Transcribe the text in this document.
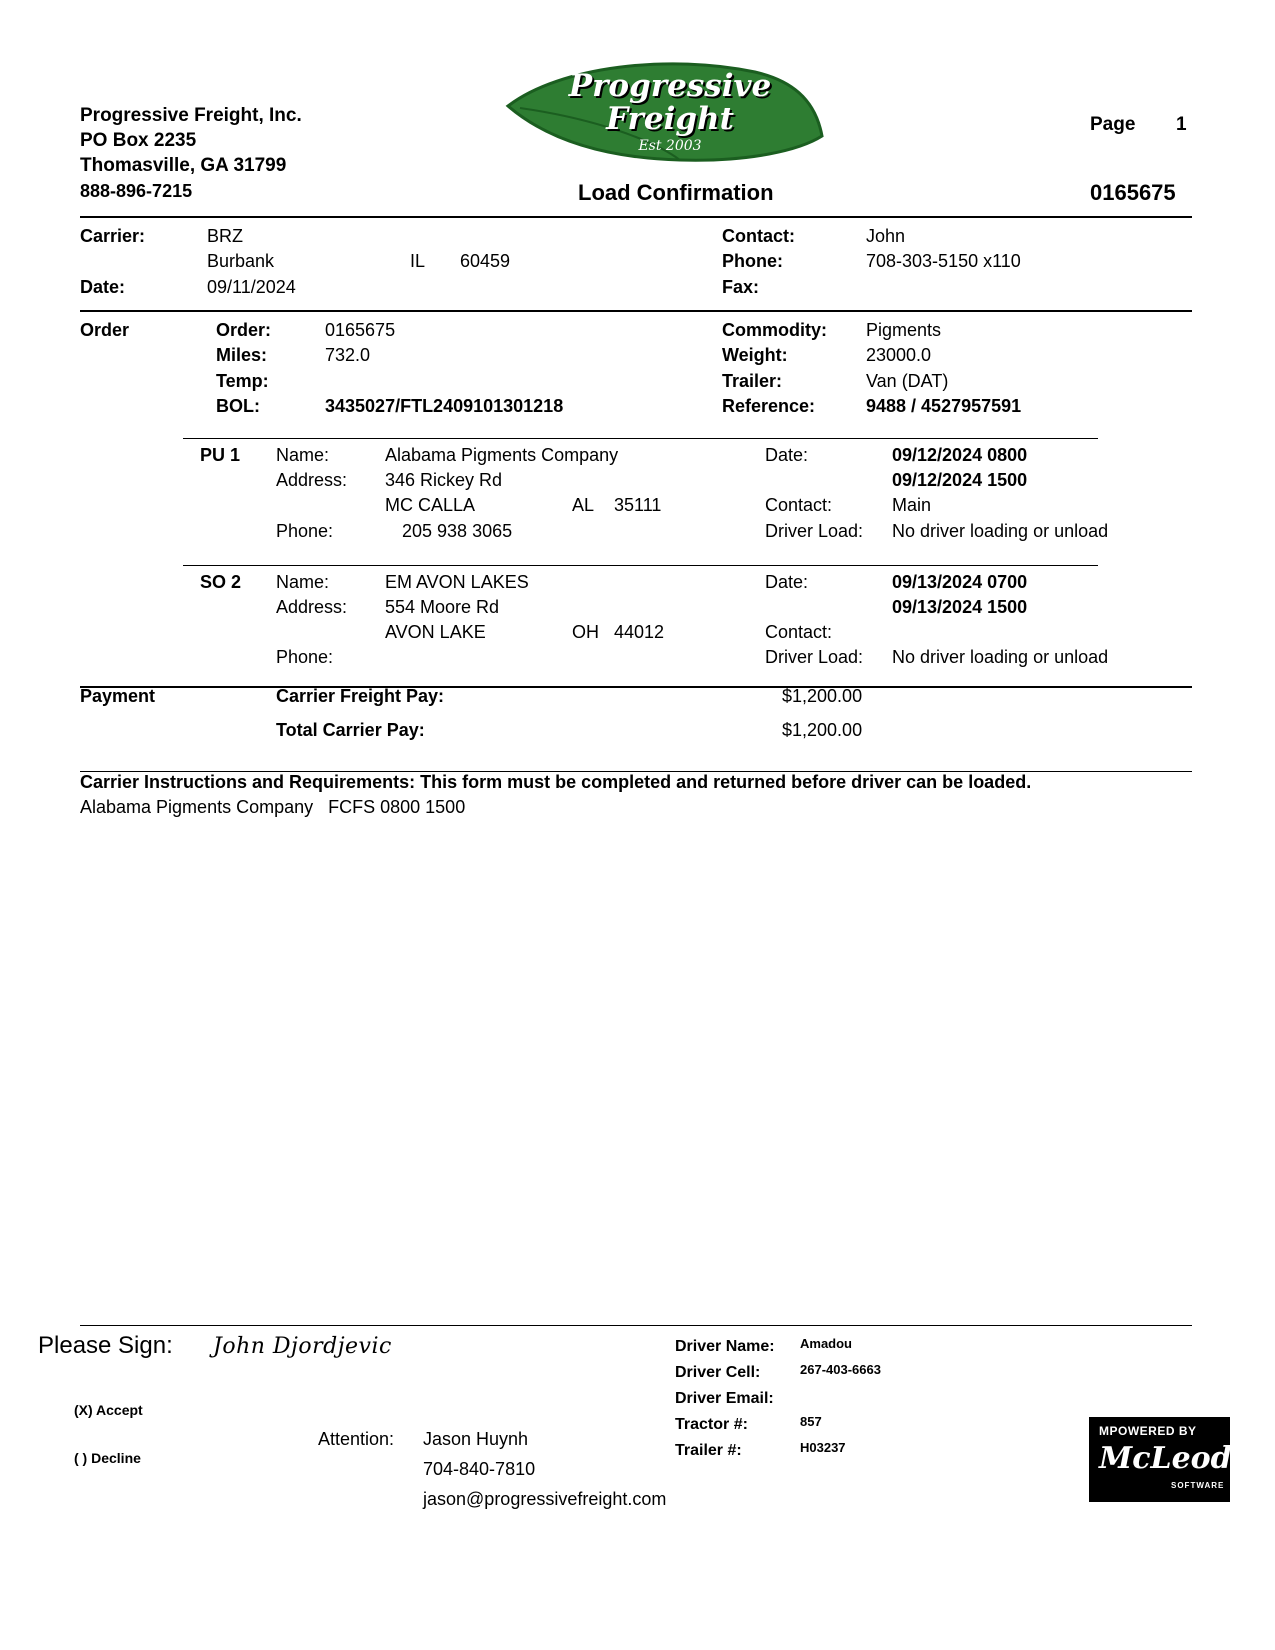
Progressive Freight, Inc.
PO Box 2235
Thomasville, GA 31799
888-896-7215
Progressive
Freight
Est 2003
Page 1
Load Confirmation	0165675
Carrier:	BRZ
Burbank	IL 60459
Date:	09/11/2024
Contact:	John
Phone:	708-303-5150 x110
Fax:
Order	Order:	0165675
Miles:	732.0
Temp:
BOL:	3435027/FTL2409101301218
Commodity: Pigments
Weight:	23000.0
Trailer:	Van (DAT)
Reference:	9488 / 4527957591
PU 1 Name:	Alabama Pigments Company
Address: 346 Rickey Rd
MC CALLA	AL 35111
Phone:	205 938 3065
Date:	09/12/2024 0800
09/12/2024 1500
Contact:	Main
Driver Load: No driver loading or unload
SO 2 Name:	EM AVON LAKES
Address: 554 Moore Rd
AVON LAKE	OH 44012
Phone:
Date:	09/13/2024 0700
09/13/2024 1500
Contact:
Driver Load: No driver loading or unload
Payment	Carrier Freight Pay:	$1,200.00
Total Carrier Pay:	$1,200.00
Carrier Instructions and Requirements: This form must be completed and returned before driver can be loaded.
Alabama Pigments Company   FCFS 0800 1500
Please Sign: John Djordjevic
(X) Accept
( ) Decline
Attention: Jason Huynh
704-840-7810
jason@progressivefreight.com
Driver Name: Amadou
Driver Cell:	267-403-6663
Driver Email:
Tractor #:	857
Trailer #:	H03237
MPOWERED BY
McLeod
SOFTWARE
